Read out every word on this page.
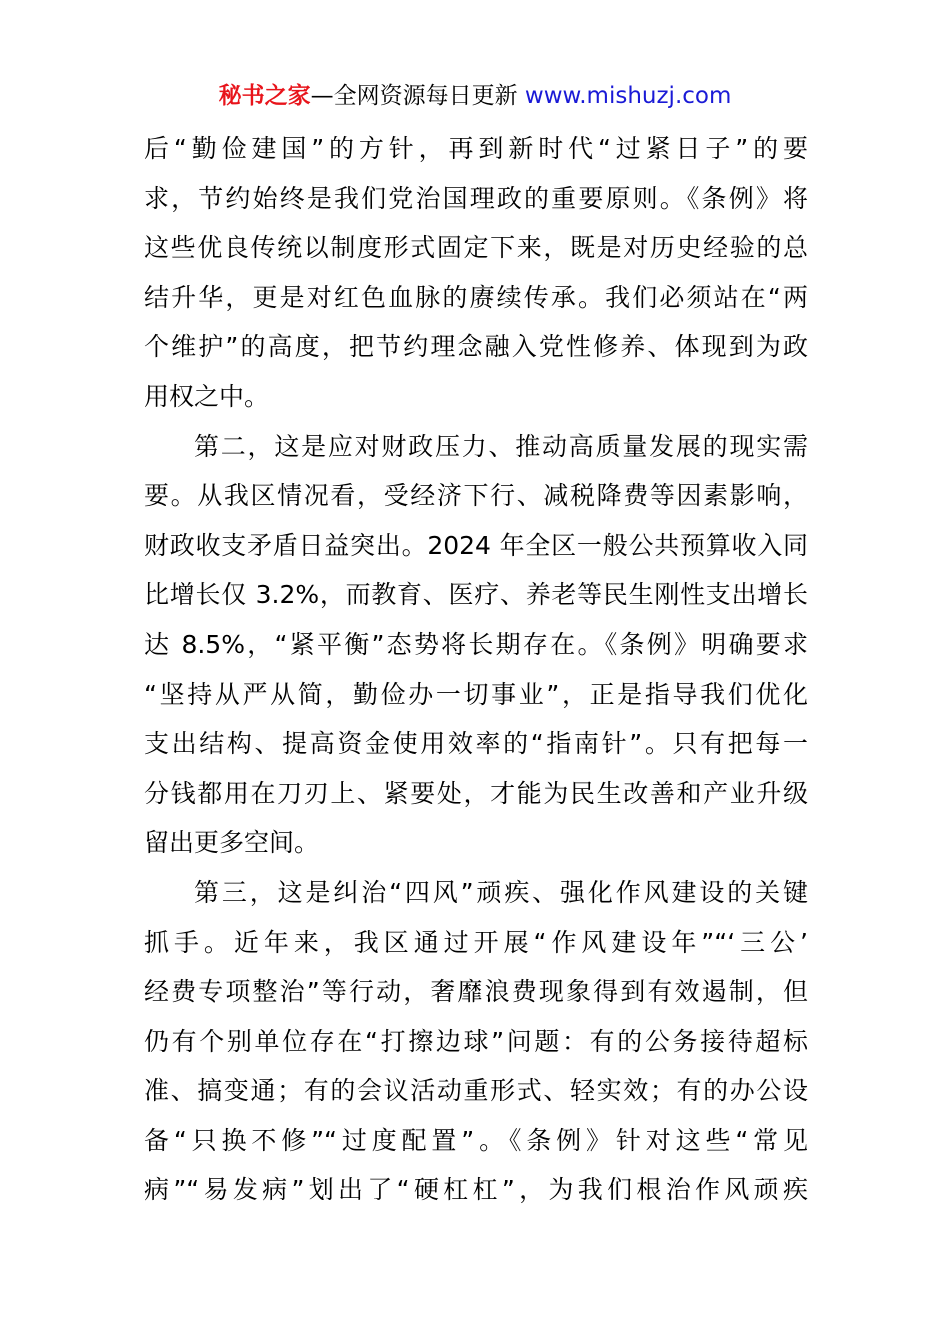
秘书之家—全网资源每日更新 www.mishuzj.com
后“勤俭建国”的方针，再到新时代“过紧日子”的要
求，节约始终是我们党治国理政的重要原则。《条例》将
这些优良传统以制度形式固定下来，既是对历史经验的总
结升华，更是对红色血脉的赓续传承。我们必须站在“两
个维护”的高度，把节约理念融入党性修养、体现到为政
用权之中。
第二，这是应对财政压力、推动高质量发展的现实需
要。从我区情况看，受经济下行、减税降费等因素影响，
财政收支矛盾日益突出。2024 年全区一般公共预算收入同
比增长仅 3.2%，而教育、医疗、养老等民生刚性支出增长
达 8.5%，“紧平衡”态势将长期存在。《条例》明确要求
“坚持从严从简，勤俭办一切事业”，正是指导我们优化
支出结构、提高资金使用效率的“指南针”。只有把每一
分钱都用在刀刃上、紧要处，才能为民生改善和产业升级
留出更多空间。
第三，这是纠治“四风”顽疾、强化作风建设的关键
抓手。近年来，我区通过开展“作风建设年”“‘三公’
经费专项整治”等行动，奢靡浪费现象得到有效遏制，但
仍有个别单位存在“打擦边球”问题：有的公务接待超标
准、搞变通；有的会议活动重形式、轻实效；有的办公设
备“只换不修”“过度配置”。《条例》针对这些“常见
病”“易发病”划出了“硬杠杠”，为我们根治作风顽疾
